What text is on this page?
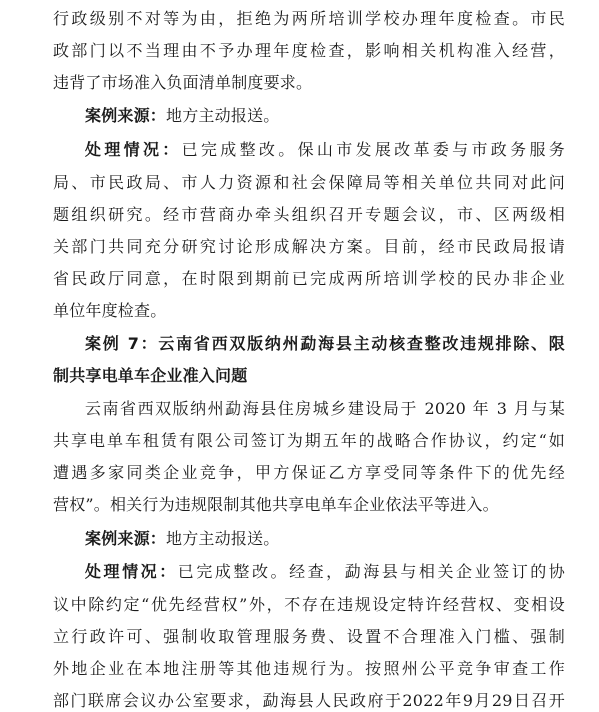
行政级别不对等为由，拒绝为两所培训学校办理年度检查。市民
政部门以不当理由不予办理年度检查，影响相关机构准入经营，
违背了市场准入负面清单制度要求。
案例来源：地方主动报送。
处理情况：已完成整改。保山市发展改革委与市政务服务
局、市民政局、市人力资源和社会保障局等相关单位共同对此问
题组织研究。经市营商办牵头组织召开专题会议，市、区两级相
关部门共同充分研究讨论形成解决方案。目前，经市民政局报请
省民政厅同意，在时限到期前已完成两所培训学校的民办非企业
单位年度检查。
案例 7：云南省西双版纳州勐海县主动核查整改违规排除、限
制共享电单车企业准入问题
云南省西双版纳州勐海县住房城乡建设局于 2020 年 3 月与某
共享电单车租赁有限公司签订为期五年的战略合作协议，约定“如
遭遇多家同类企业竞争，甲方保证乙方享受同等条件下的优先经
营权”。相关行为违规限制其他共享电单车企业依法平等进入。
案例来源：地方主动报送。
处理情况：已完成整改。经查，勐海县与相关企业签订的协
议中除约定“优先经营权”外，不存在违规设定特许经营权、变相设
立行政许可、强制收取管理服务费、设置不合理准入门槛、强制
外地企业在本地注册等其他违规行为。按照州公平竞争审查工作
部门联席会议办公室要求，勐海县人民政府于2022年9月29日召开
